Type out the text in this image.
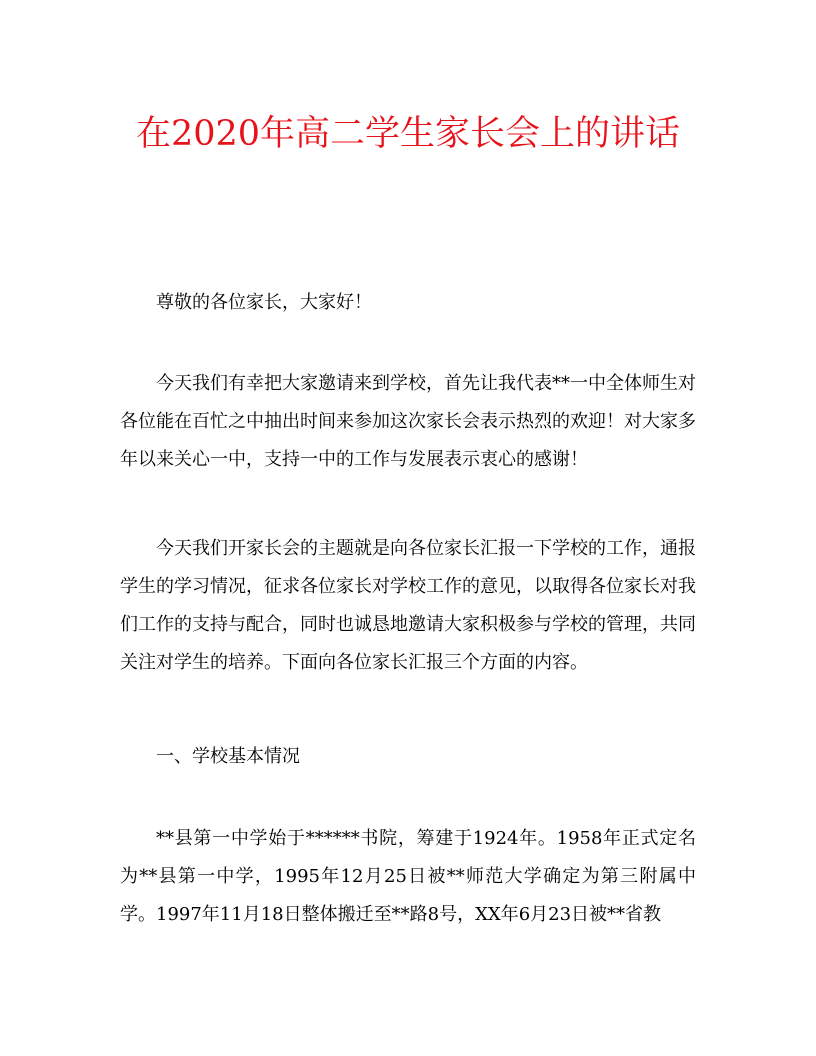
在2020年高二学生家长会上的讲话

尊敬的各位家长，大家好！

今天我们有幸把大家邀请来到学校，首先让我代表**一中全体师生对各位能在百忙之中抽出时间来参加这次家长会表示热烈的欢迎！对大家多年以来关心一中，支持一中的工作与发展表示衷心的感谢！

今天我们开家长会的主题就是向各位家长汇报一下学校的工作，通报学生的学习情况，征求各位家长对学校工作的意见，以取得各位家长对我们工作的支持与配合，同时也诚恳地邀请大家积极参与学校的管理，共同关注对学生的培养。下面向各位家长汇报三个方面的内容。

一、学校基本情况

**县第一中学始于******书院，筹建于1924年。1958年正式定名为**县第一中学，1995年12月25日被**师范大学确定为第三附属中学。1997年11月18日整体搬迁至**路8号，XX年6月23日被**省教
